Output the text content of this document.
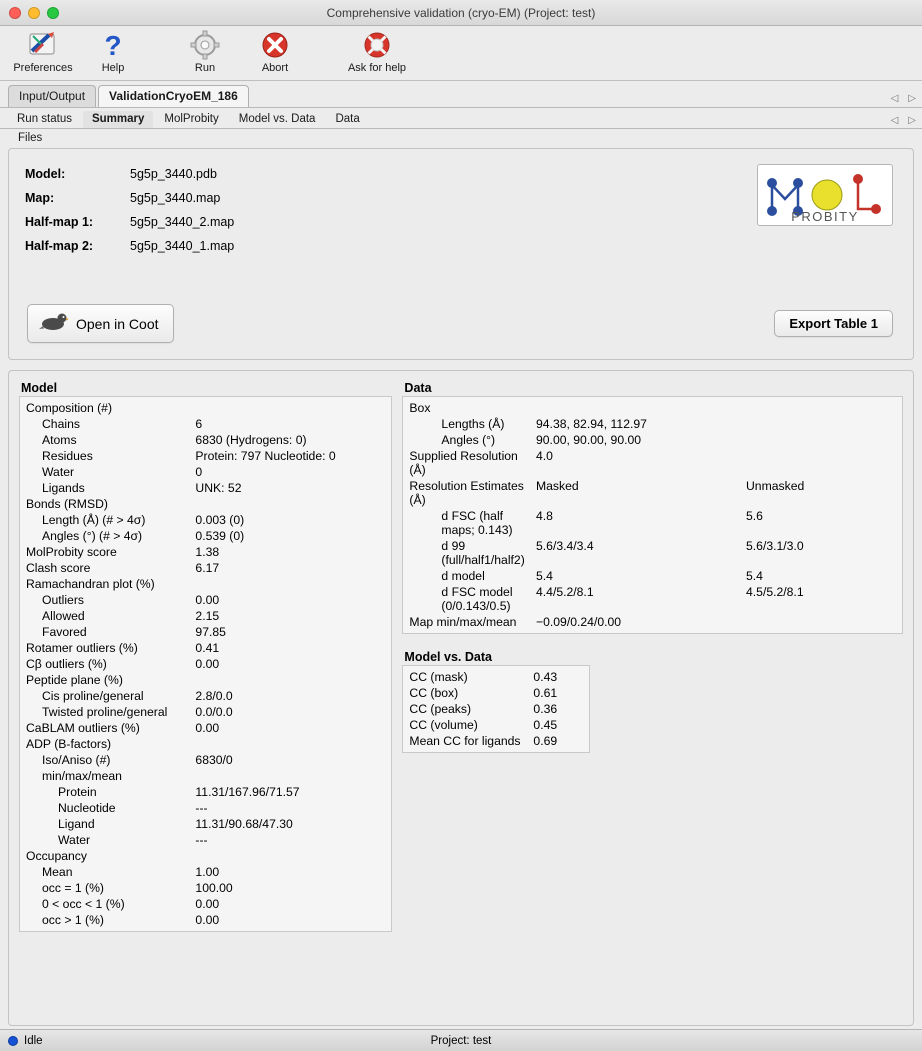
Comprehensive validation (cryo-EM) (Project: test)
Preferences
?
Help	Run	Abort	Ask for help
Input/Output	ValidationCryoEM_186	◁ ▷
Run status	Summary	MolProbity	Model vs. Data	Data	◁ ▷
Files
Model:	5g5p_3440.pdb
Map:	5g5p_3440.map
Half-map 1:	5g5p_3440_2.map
Half-map 2:	5g5p_3440_1.map
PROBITY
Open in Coot	Export Table 1
Model
Composition (#)	
Chains	6
Atoms	6830 (Hydrogens: 0)
Residues	Protein: 797 Nucleotide: 0
Water	0
Ligands	UNK: 52
Bonds (RMSD)	
Length (Å) (# > 4σ)	0.003 (0)
Angles (°) (# > 4σ)	0.539 (0)
MolProbity score	1.38
Clash score	6.17
Ramachandran plot (%)	
Outliers	0.00
Allowed	2.15
Favored	97.85
Rotamer outliers (%)	0.41
Cβ outliers (%)	0.00
Peptide plane (%)	
Cis proline/general	2.8/0.0
Twisted proline/general	0.0/0.0
CaBLAM outliers (%)	0.00
ADP (B-factors)	
Iso/Aniso (#)	6830/0
min/max/mean	
Protein	11.31/167.96/71.57
Nucleotide	---
Ligand	11.31/90.68/47.30
Water	---
Occupancy	
Mean	1.00
occ = 1 (%)	100.00
0 < occ < 1 (%)	0.00
occ > 1 (%)	0.00
Data
Box		
Lengths (Å)	94.38, 82.94, 112.97	
Angles (°)	90.00, 90.00, 90.00	
Supplied Resolution (Å)	4.0	
Resolution Estimates (Å)	Masked	Unmasked
d FSC (half maps; 0.143)	4.8	5.6
d 99 (full/half1/half2)	5.6/3.4/3.4	5.6/3.1/3.0
d model	5.4	5.4
d FSC model (0/0.143/0.5)	4.4/5.2/8.1	4.5/5.2/8.1
Map min/max/mean	−0.09/0.24/0.00	
Model vs. Data
CC (mask)	0.43
CC (box)	0.61
CC (peaks)	0.36
CC (volume)	0.45
Mean CC for ligands	0.69
Idle	Project: test
